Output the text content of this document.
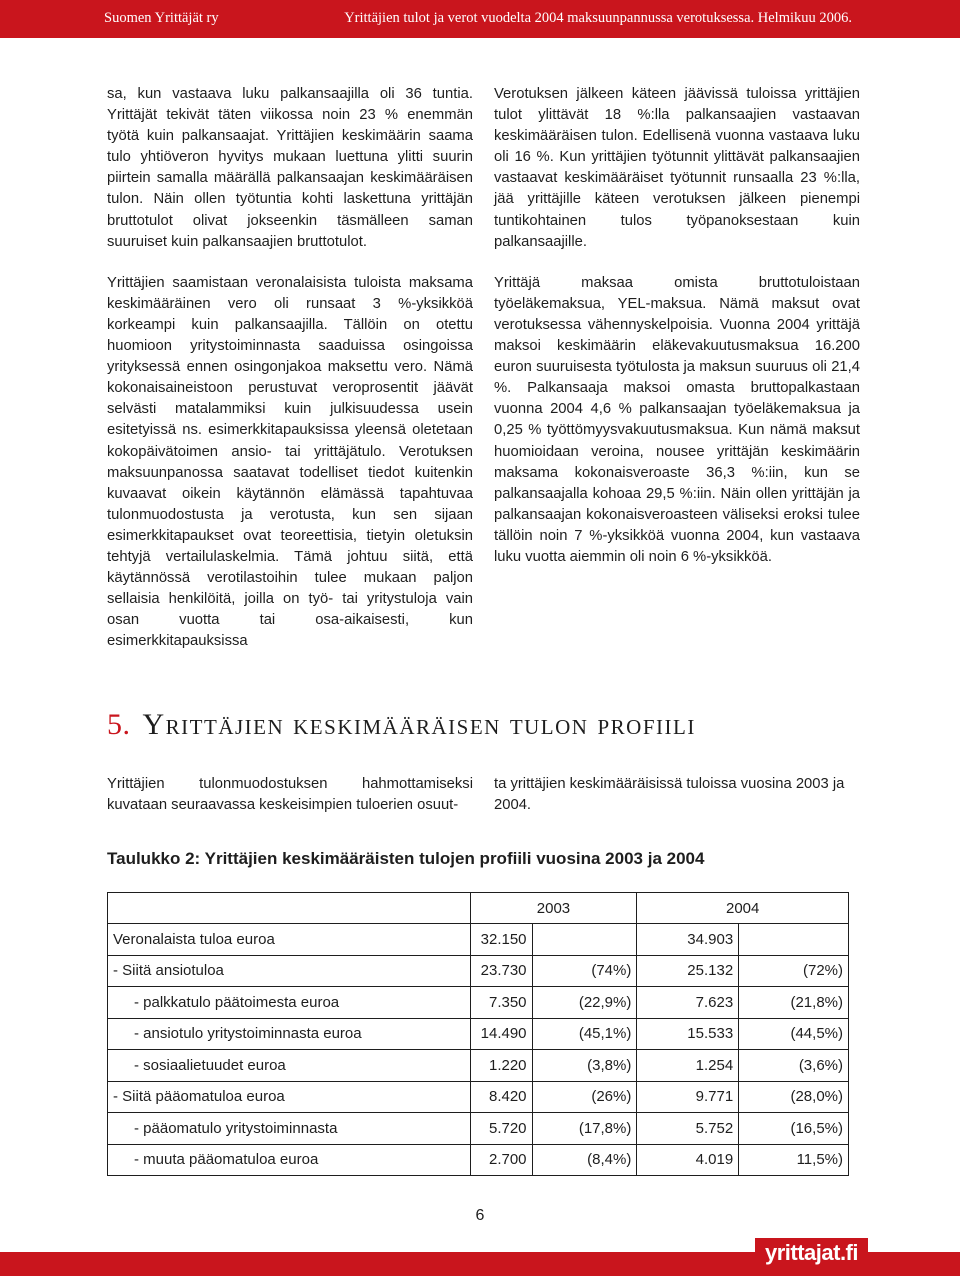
Suomen Yrittäjät ry	Yrittäjien tulot ja verot vuodelta 2004 maksuunpannussa verotuksessa. Helmikuu 2006.

sa, kun vastaava luku palkansaajilla oli 36 tuntia. Yrittäjät tekivät täten viikossa noin 23 % enemmän työtä kuin palkansaajat. Yrittäjien keskimäärin saama tulo yhtiöveron hyvitys mukaan luettuna ylitti suurin piirtein samalla määrällä palkansaajan keskimääräisen tulon. Näin ollen työtuntia kohti laskettuna yrittäjän bruttotulot olivat jokseenkin täsmälleen saman suuruiset kuin palkansaajien bruttotulot.

Yrittäjien saamistaan veronalaisista tuloista maksama keskimääräinen vero oli runsaat 3 %-yksikköä korkeampi kuin palkansaajilla. Tällöin on otettu huomioon yritystoiminnasta saaduissa osingoissa yrityksessä ennen osingonjakoa maksettu vero. Nämä kokonaisaineistoon perustuvat veroprosentit jäävät selvästi matalammiksi kuin julkisuudessa usein esitetyissä ns. esimerkkitapauksissa yleensä oletetaan kokopäivätoimen ansio- tai yrittäjätulo. Verotuksen maksuunpanossa saatavat todelliset tiedot kuitenkin kuvaavat oikein käytännön elämässä tapahtuvaa tulonmuodostusta ja verotusta, kun sen sijaan esimerkkitapaukset ovat teoreettisia, tietyin oletuksin tehtyjä vertailulaskelmia. Tämä johtuu siitä, että käytännössä verotilastoihin tulee mukaan paljon sellaisia henkilöitä, joilla on työ- tai yritystuloja vain osan vuotta tai osa-aikaisesti, kun esimerkkitapauksissa

Verotuksen jälkeen käteen jäävissä tuloissa yrittäjien tulot ylittävät 18 %:lla palkansaajien vastaavan keskimääräisen tulon. Edellisenä vuonna vastaava luku oli 16 %. Kun yrittäjien työtunnit ylittävät palkansaajien vastaavat keskimääräiset työtunnit runsaalla 23 %:lla, jää yrittäjille käteen verotuksen jälkeen pienempi tuntikohtainen tulos työpanoksestaan kuin palkansaajille.

Yrittäjä maksaa omista bruttotuloistaan työeläkemaksua, YEL-maksua. Nämä maksut ovat verotuksessa vähennyskelpoisia. Vuonna 2004 yrittäjä maksoi keskimäärin eläkevakuutusmaksua 16.200 euron suuruisesta työtulosta ja maksun suuruus oli 21,4 %. Palkansaaja maksoi omasta bruttopalkastaan vuonna 2004 4,6 % palkansaajan työeläkemaksua ja 0,25 % työttömyysvakuutusmaksua. Kun nämä maksut huomioidaan veroina, nousee yrittäjän keskimäärin maksama kokonaisveroaste 36,3 %:iin, kun se palkansaajalla kohoaa 29,5 %:iin. Näin ollen yrittäjän ja palkansaajan kokonaisveroasteen väliseksi eroksi tulee tällöin noin 7 %-yksikköä vuonna 2004, kun vastaava luku vuotta aiemmin oli noin 6 %-yksikköä.

5. Yrittäjien keskimääräisen tulon profiili

Yrittäjien tulonmuodostuksen hahmottamiseksi kuvataan seuraavassa keskeisimpien tuloerien osuut-

ta yrittäjien keskimääräisissä tuloissa vuosina 2003 ja 2004.

Taulukko 2: Yrittäjien keskimääräisten tulojen profiili vuosina 2003 ja 2004

	2003		2004	
Veronalaista tuloa euroa	32.150		34.903	
- Siitä ansiotuloa	23.730	(74%)	25.132	(72%)
- palkkatulo päätoimesta euroa	7.350	(22,9%)	7.623	(21,8%)
- ansiotulo yritystoiminnasta euroa	14.490	(45,1%)	15.533	(44,5%)
- sosiaalietuudet euroa	1.220	(3,8%)	1.254	(3,6%)
- Siitä pääomatuloa euroa	8.420	(26%)	9.771	(28,0%)
- pääomatulo yritystoiminnasta	5.720	(17,8%)	5.752	(16,5%)
- muuta pääomatuloa euroa	2.700	(8,4%)	4.019	11,5%)
6
yrittajat.fi
